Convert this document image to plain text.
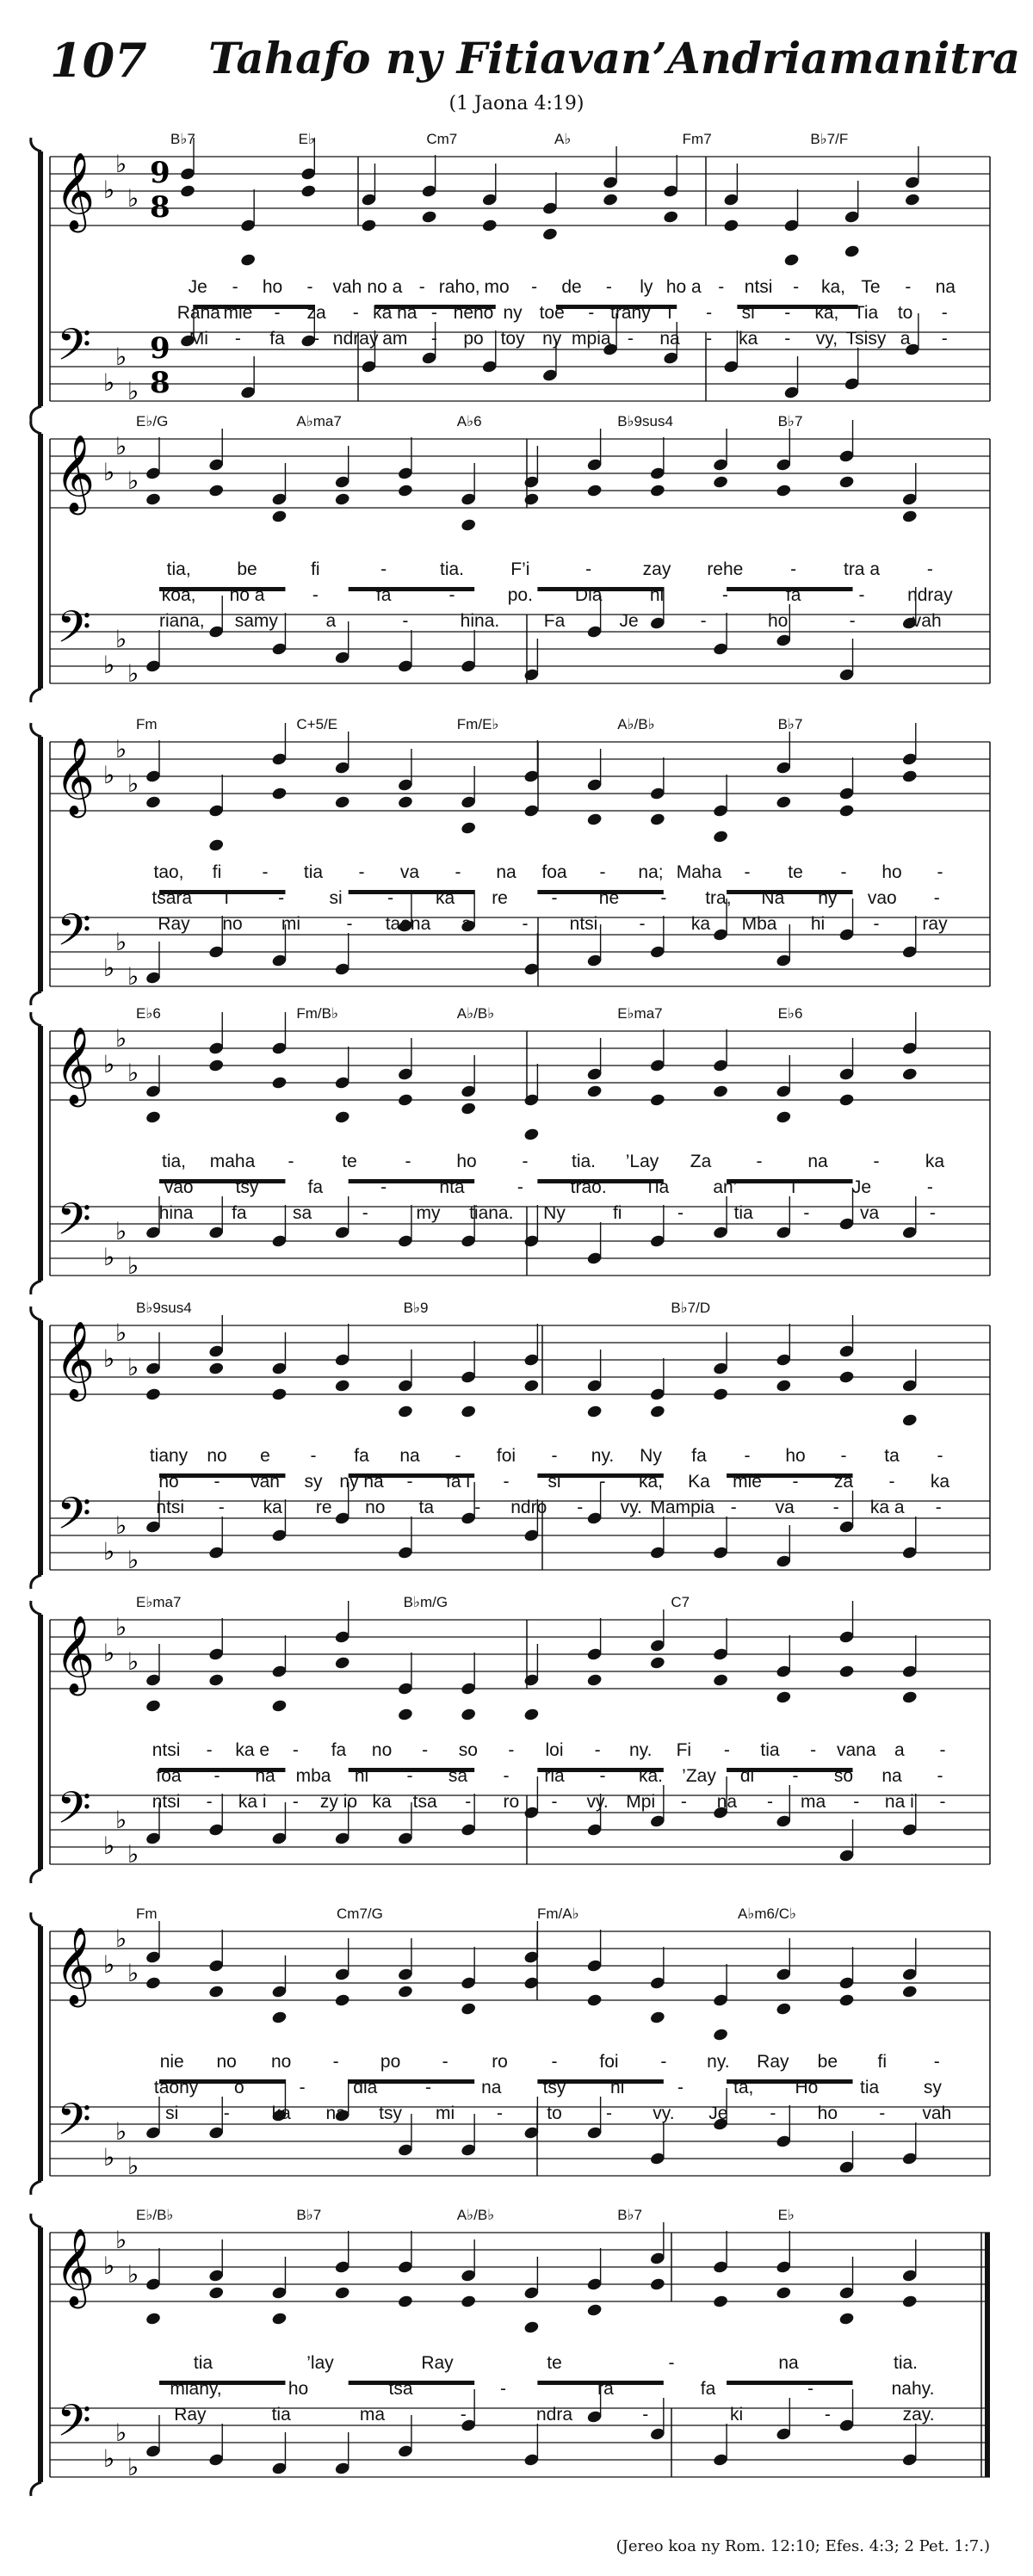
107 Tahafo ny Fitiavan’Andriamanitra
(1 Jaona 4:19)
𝄞
𝄢
♭
♭
♭
♭
♭
♭
9
8
9
8
B♭7	E♭	Cm7	A♭	Fm7	B♭7/F
Je - ho - vah no a - raho, mo - de - ly ho a - ntsi - ka, Te - na
Raha mie - za - ka ha - neho ny toe - trany i - si - ka, Tia to -
Mi - fa - ndray am - po toy ny mpia - na - ka - vy, Tsisy a -
𝄞
𝄢
♭
♭
♭
♭
♭
♭
E♭/G	A♭ma7	A♭6	B♭9sus4	B♭7
tia,	be	fi	-	tia.	F’i	-	zay rehe	-	tra a	-
koa, ho a	-	fa	-	po. Dia	hi	-	fa	- ndray
riana, samy	a	-	hina. Fa	Je	-	ho	-	vah
𝄞
𝄢
♭
♭
♭
♭
♭
♭
Fm	C+5/E	Fm/E♭	A♭/B♭	B♭7
tao, fi - tia - va - na foa - na; Maha - te - ho -
tsara i	- si - ka re - he - tra, Na ny vao -
Ray no mi	- taona a	- ntsi -	ka Mba hi	- ray
𝄞
𝄢
♭
♭
♭
♭
♭
♭
E♭6	Fm/B♭	A♭/B♭	E♭ma7	E♭6
tia, maha -	te	-	ho	- tia. ’Lay Za -	na	-	ka
vao tsy	fa	-	nta	-	trao. Tia an’	i	Je	-
hina fa	sa	-	my tiana. Ny	fi	-	tia	-	va	-
𝄞
𝄢
♭
♭
♭
♭
♭
♭
B♭9sus4	B♭9	B♭7/D
tiany no e - fa na - foi - ny. Ny fa - ho - ta -
ho - vah sy ny ha - fa i - si - ka, Ka mie - za - ka
ntsi - ka re no ta - ndro - vy. Mampia - va - ka a -
𝄞
𝄢
♭
♭
♭
♭
♭
♭
E♭ma7	B♭m/G	C7
ntsi - ka e - fa no - so - loi - ny. Fi - tia - vana a -
foa - na mba hi - sa - ria - ka. ’Zay di - so na -
ntsi - ka i - zy io ka tsa - ro - vy. Mpi - na - ma - na i -
𝄞
𝄢
♭
♭
♭
♭
♭
♭
Fm	Cm7/G	Fm/A♭	A♭m6/C♭
nie no no - po - ro - foi - ny. Ray be fi	-
taony o	-	dia	-	na tsy hi	-	ta, Ho tia sy
si - ka na tsy mi - to - vy. Je - ho - vah
𝄞
𝄢
♭
♭
♭
♭
♭
♭
E♭/B♭	B♭7	A♭/B♭	B♭7	E♭
tia	’lay	Ray	te	-	na	tia.
miahy,	ho	tsa	-	ra	fa	-	nahy.
Ray	tia	ma	-	ndra	-	ki	-	zay.
(Jereo koa ny Rom. 12:10; Efes. 4:3; 2 Pet. 1:7.)
